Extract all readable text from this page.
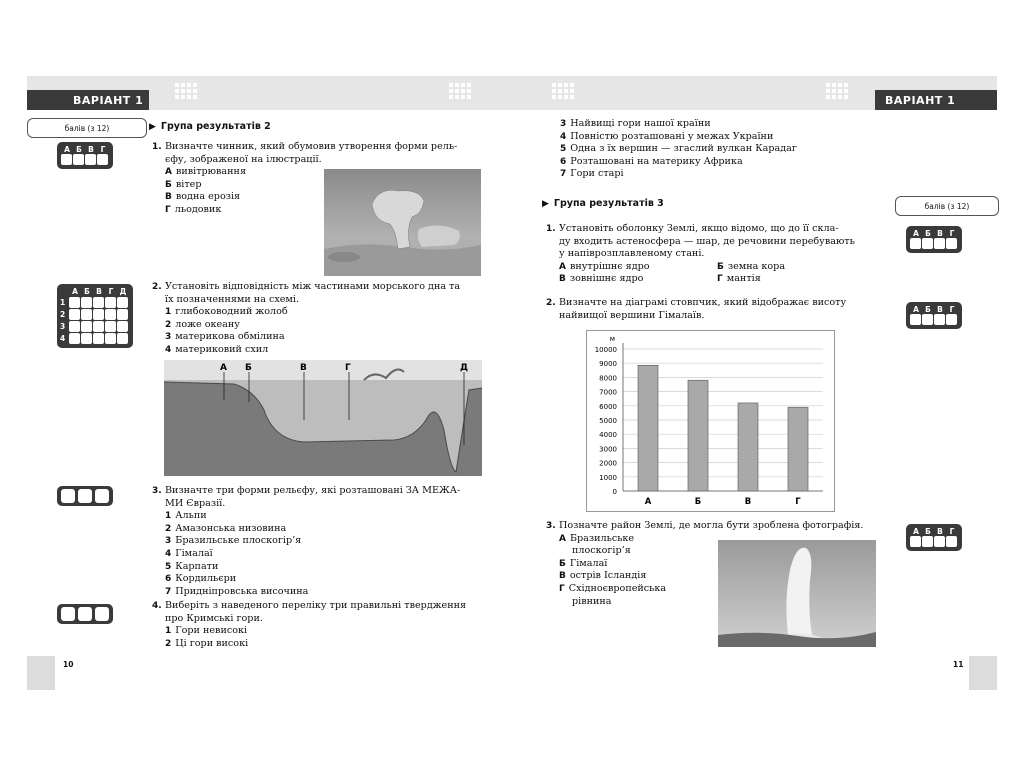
ВАРІАНТ 1
балів (з 12)	▶ Група результатів 2
А Б В Г	1. Визначте чинник, який обумовив утворення форми рель-
єфу, зображеної на ілюстрації.
А вивітрювання
Б вітер
В водна ерозія
Г льодовик
А Б В Г Д
1
2
3
4
2. Установіть відповідність між частинами морського дна та
їх позначеннями на схемі.
1 глибоководний жолоб
2 ложе океану
3 материкова обмілина
4 материковий схил
А Б	В	Г	Д
3. Визначте три форми рельєфу, які розташовані ЗА МЕЖА-
МИ Євразії.
1 Альпи
2 Амазонська низовина
3 Бразильське плоскогір’я
4 Гімалаї
5 Карпати
6 Кордильєри
7 Придніпровська височина
4. Виберіть з наведеного переліку три правильні твердження
про Кримські гори.
1 Гори невисокі
2 Ці гори високі
10
ВАРІАНТ 1
3 Найвищі гори нашої країни
4 Повністю розташовані у межах України
5 Одна з їх вершин — згаслий вулкан Карадаг
6 Розташовані на материку Африка
7 Гори старі
▶ Група результатів 3	балів (з 12)
А Б В Г
1. Установіть оболонку Землі, якщо відомо, що до її скла-
ду входить астеносфера — шар, де речовини перебувають
у напіврозплавленому стані.
А внутрішнє ядро	Б земна кора
В зовнішнє ядро	Г мантія
А Б В Г
2. Визначте на діаграмі стовпчик, який відображає висоту
найвищої вершини Гімалаїв.
0
1000
2000
3000
4000
5000
6000
7000
8000
9000
10000
м
А	Б	В	Г
А Б В Г
3. Позначте район Землі, де могла бути зроблена фотографія.
А Бразильське
плоскогір’я
Б Гімалаї
В острів Ісландія
Г Східноєвропейська
рівнина
11
